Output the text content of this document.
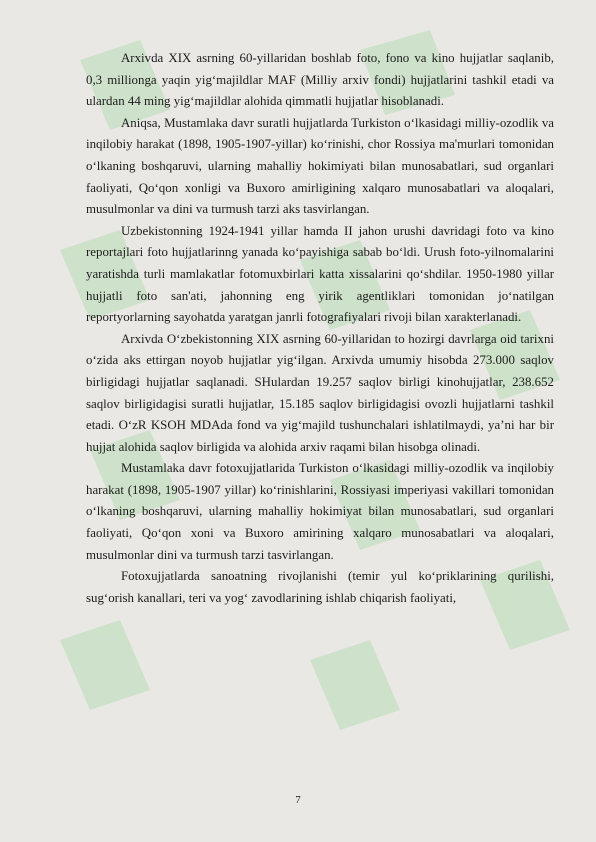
Arxivda XIX asrning 60-yillaridan boshlab foto, fono va kino hujjatlar saqlanib, 0,3 millionga yaqin yig‘majildlar MAF (Milliy arxiv fondi) hujjatlarini tashkil etadi va ulardan 44 ming yig‘majildlar alohida qimmatli hujjatlar hisoblanadi.

Aniqsa, Mustamlaka davr suratli hujjatlarda Turkiston o‘lkasidagi milliy-ozodlik va inqilobiy harakat (1898, 1905-1907-yillar) ko‘rinishi, chor Rossiya ma'murlari tomonidan o‘lkaning boshqaruvi, ularning mahalliy hokimiyati bilan munosabatlari, sud organlari faoliyati, Qo‘qon xonligi va Buxoro amirligining xalqaro munosabatlari va aloqalari, musulmonlar va dini va turmush tarzi aks tasvirlangan.

Uzbekistonning 1924-1941 yillar hamda II jahon urushi davridagi foto va kino reportajlari foto hujjatlarinng yanada ko‘payishiga sabab bo‘ldi. Urush foto-yilnomalarini yaratishda turli mamlakatlar fotomuxbirlari katta xissalarini qo‘shdilar. 1950-1980 yillar hujjatli foto san'ati, jahonning eng yirik agentliklari tomonidan jo‘natilgan reportyorlarning sayohatda yaratgan janrli fotografiyalari rivoji bilan xarakterlanadi.

Arxivda O‘zbekistonning XIX asrning 60-yillaridan to hozirgi davrlarga oid tarixni o‘zida aks ettirgan noyob hujjatlar yig‘ilgan. Arxivda umumiy hisobda 273.000 saqlov birligidagi hujjatlar saqlanadi. SHulardan 19.257 saqlov birligi kinohujjatlar, 238.652 saqlov birligidagisi suratli hujjatlar, 15.185 saqlov birligidagisi ovozli hujjatlarni tashkil etadi. O‘zR KSOH MDAda fond va yig‘majild tushunchalari ishlatilmaydi, ya’ni har bir hujjat alohida saqlov birligida va alohida arxiv raqami bilan hisobga olinadi.

Mustamlaka davr fotoxujjatlarida Turkiston o‘lkasidagi milliy-ozodlik va inqilobiy harakat (1898, 1905-1907 yillar) ko‘rinishlarini, Rossiyasi imperiyasi vakillari tomonidan o‘lkaning boshqaruvi, ularning mahalliy hokimiyat bilan munosabatlari, sud organlari faoliyati, Qo‘qon xoni va Buxoro amirining xalqaro munosabatlari va aloqalari, musulmonlar dini va turmush tarzi tasvirlangan.

Fotoxujjatlarda sanoatning rivojlanishi (temir yul ko‘priklarining qurilishi, sug‘orish kanallari, teri va yog‘ zavodlarining ishlab chiqarish faoliyati,

7
